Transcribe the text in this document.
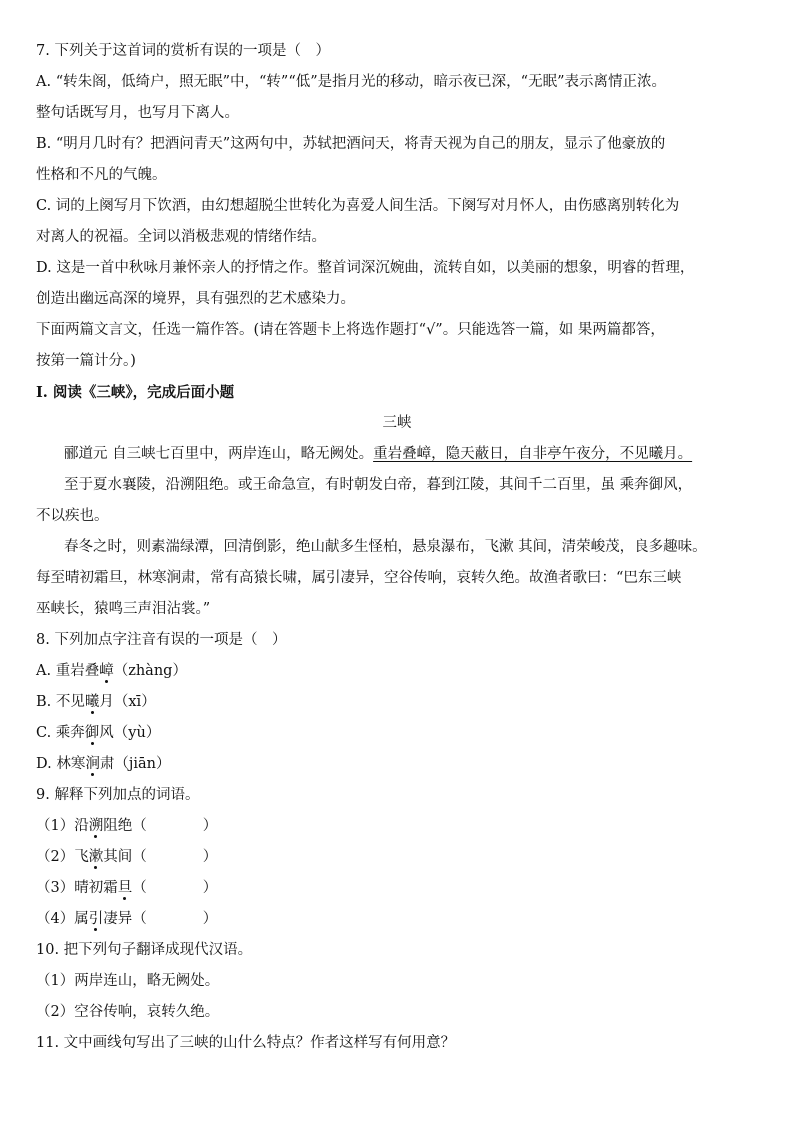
7. 下列关于这首词的赏析有误的一项是（　）

A. “转朱阁，低绮户，照无眠”中，“转”“低”是指月光的移动，暗示夜已深，“无眠”表示离情正浓。

整句话既写月，也写月下离人。

B. “明月几时有？把酒问青天”这两句中，苏轼把酒问天，将青天视为自己的朋友，显示了他豪放的

性格和不凡的气魄。

C. 词的上阕写月下饮酒，由幻想超脱尘世转化为喜爱人间生活。下阕写对月怀人，由伤感离别转化为

对离人的祝福。全词以消极悲观的情绪作结。

D. 这是一首中秋咏月兼怀亲人的抒情之作。整首词深沉婉曲，流转自如，以美丽的想象，明睿的哲理，

创造出幽远高深的境界，具有强烈的艺术感染力。

下面两篇文言文，任选一篇作答。(请在答题卡上将选作题打“√”。只能选答一篇，如 果两篇都答，

按第一篇计分。)

Ⅰ. 阅读《三峡》，完成后面小题

三峡

郦道元 自三峡七百里中，两岸连山，略无阙处。重岩叠嶂，隐天蔽日，自非亭午夜分，不见曦月。

至于夏水襄陵，沿溯阻绝。或王命急宣，有时朝发白帝，暮到江陵，其间千二百里，虽 乘奔御风，

不以疾也。

春冬之时，则素湍绿潭，回清倒影，绝山献多生怪柏，悬泉瀑布，飞漱 其间，清荣峻茂，良多趣味。

每至晴初霜旦，林寒涧肃，常有高猿长啸，属引凄异，空谷传响，哀转久绝。故渔者歌曰：“巴东三峡

巫峡长，猿鸣三声泪沾裳。”

8. 下列加点字注音有误的一项是（　）

A. 重岩叠嶂（zhàng）

B. 不见曦月（xī）

C. 乘奔御风（yù）

D. 林寒涧肃（jiān）

9. 解释下列加点的词语。

（1）沿溯阻绝（	）

（2）飞漱其间（	）

（3）晴初霜旦（	）

（4）属引凄异（	）

10. 把下列句子翻译成现代汉语。

（1）两岸连山，略无阙处。

（2）空谷传响，哀转久绝。

11. 文中画线句写出了三峡的山什么特点？作者这样写有何用意？
